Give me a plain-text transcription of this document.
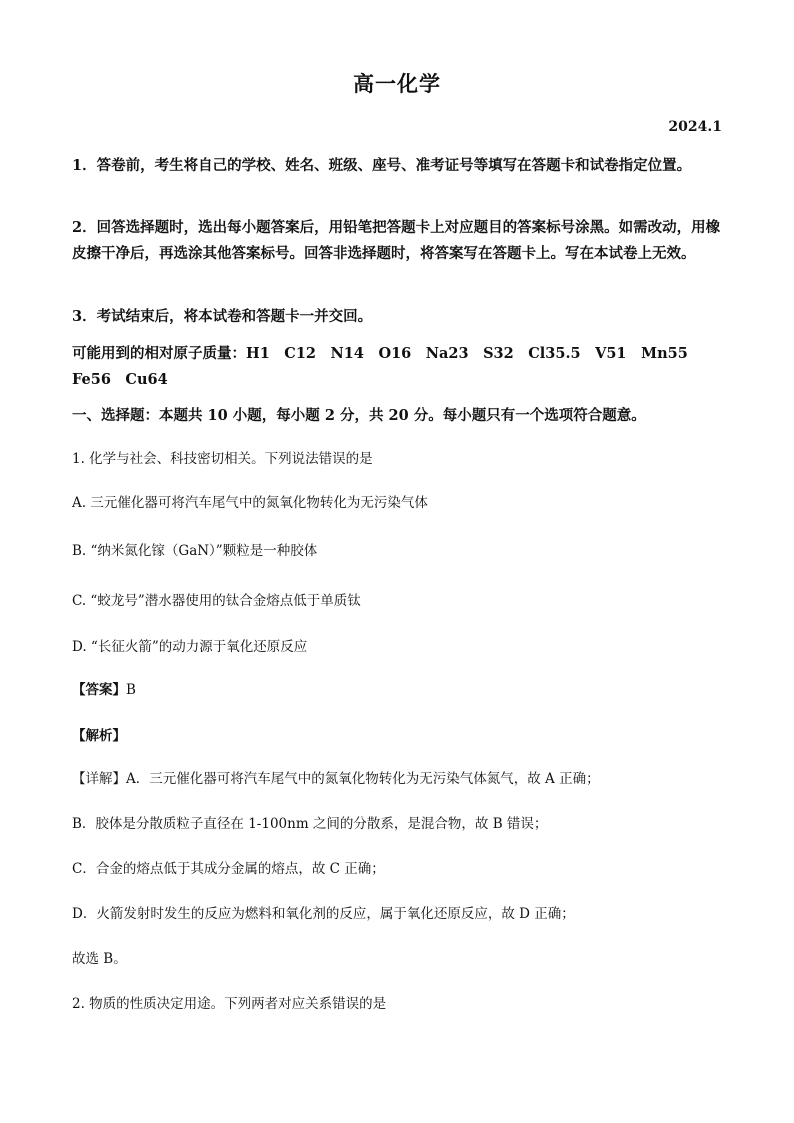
高一化学
2024.1
1．答卷前，考生将自己的学校、姓名、班级、座号、准考证号等填写在答题卡和试卷指定位置。
2．回答选择题时，选出每小题答案后，用铅笔把答题卡上对应题目的答案标号涂黑。如需改动，用橡皮擦干净后，再选涂其他答案标号。回答非选择题时，将答案写在答题卡上。写在本试卷上无效。
3．考试结束后，将本试卷和答题卡一并交回。
可能用到的相对原子质量：H1　C12　N14　O16　Na23　S32　Cl35.5　V51　Mn55　Fe56　Cu64
一、选择题：本题共 10 小题，每小题 2 分，共 20 分。每小题只有一个选项符合题意。
1. 化学与社会、科技密切相关。下列说法错误的是
A. 三元催化器可将汽车尾气中的氮氧化物转化为无污染气体
B. “纳米氮化镓（GaN）”颗粒是一种胶体
C. “蛟龙号”潜水器使用的钛合金熔点低于单质钛
D. “长征火箭”的动力源于氧化还原反应
【答案】B
【解析】
【详解】A．三元催化器可将汽车尾气中的氮氧化物转化为无污染气体氮气，故 A 正确；
B．胶体是分散质粒子直径在 1-100nm 之间的分散系，是混合物，故 B 错误；
C．合金的熔点低于其成分金属的熔点，故 C 正确；
D．火箭发射时发生的反应为燃料和氧化剂的反应，属于氧化还原反应，故 D 正确；
故选 B。
2. 物质的性质决定用途。下列两者对应关系错误的是
